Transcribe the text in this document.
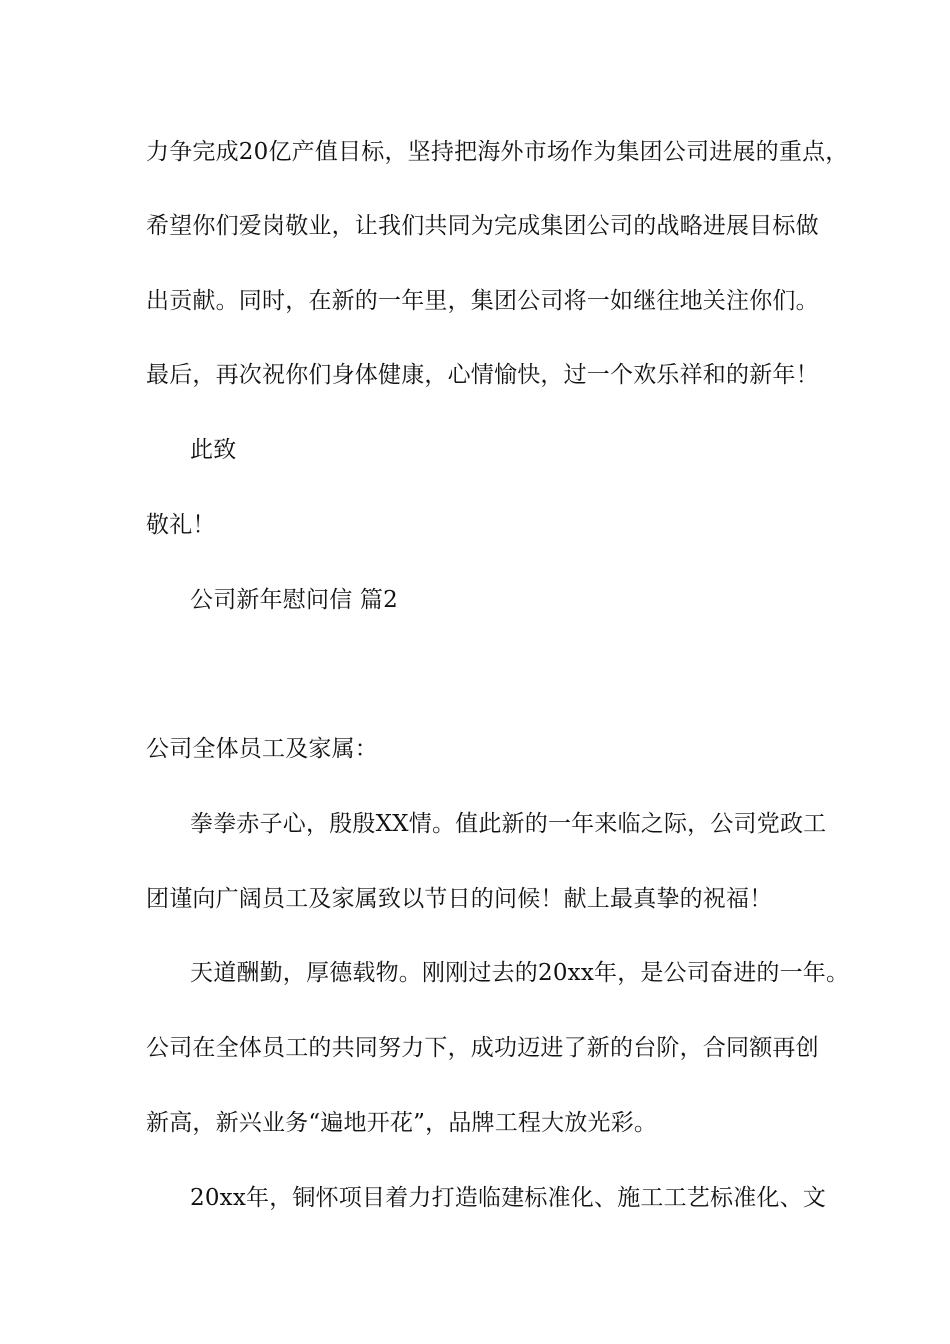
力争完成20亿产值目标，坚持把海外市场作为集团公司进展的重点，
希望你们爱岗敬业，让我们共同为完成集团公司的战略进展目标做
出贡献。同时，在新的一年里，集团公司将一如继往地关注你们。
最后，再次祝你们身体健康，心情愉快，过一个欢乐祥和的新年！
此致
敬礼！
公司新年慰问信 篇2
公司全体员工及家属：
拳拳赤子心，殷殷XX情。值此新的一年来临之际，公司党政工
团谨向广阔员工及家属致以节日的问候！献上最真挚的祝福！
天道酬勤，厚德载物。刚刚过去的20xx年，是公司奋进的一年。
公司在全体员工的共同努力下，成功迈进了新的台阶，合同额再创
新高，新兴业务“遍地开花”，品牌工程大放光彩。
20xx年，铜怀项目着力打造临建标准化、施工工艺标准化、文
